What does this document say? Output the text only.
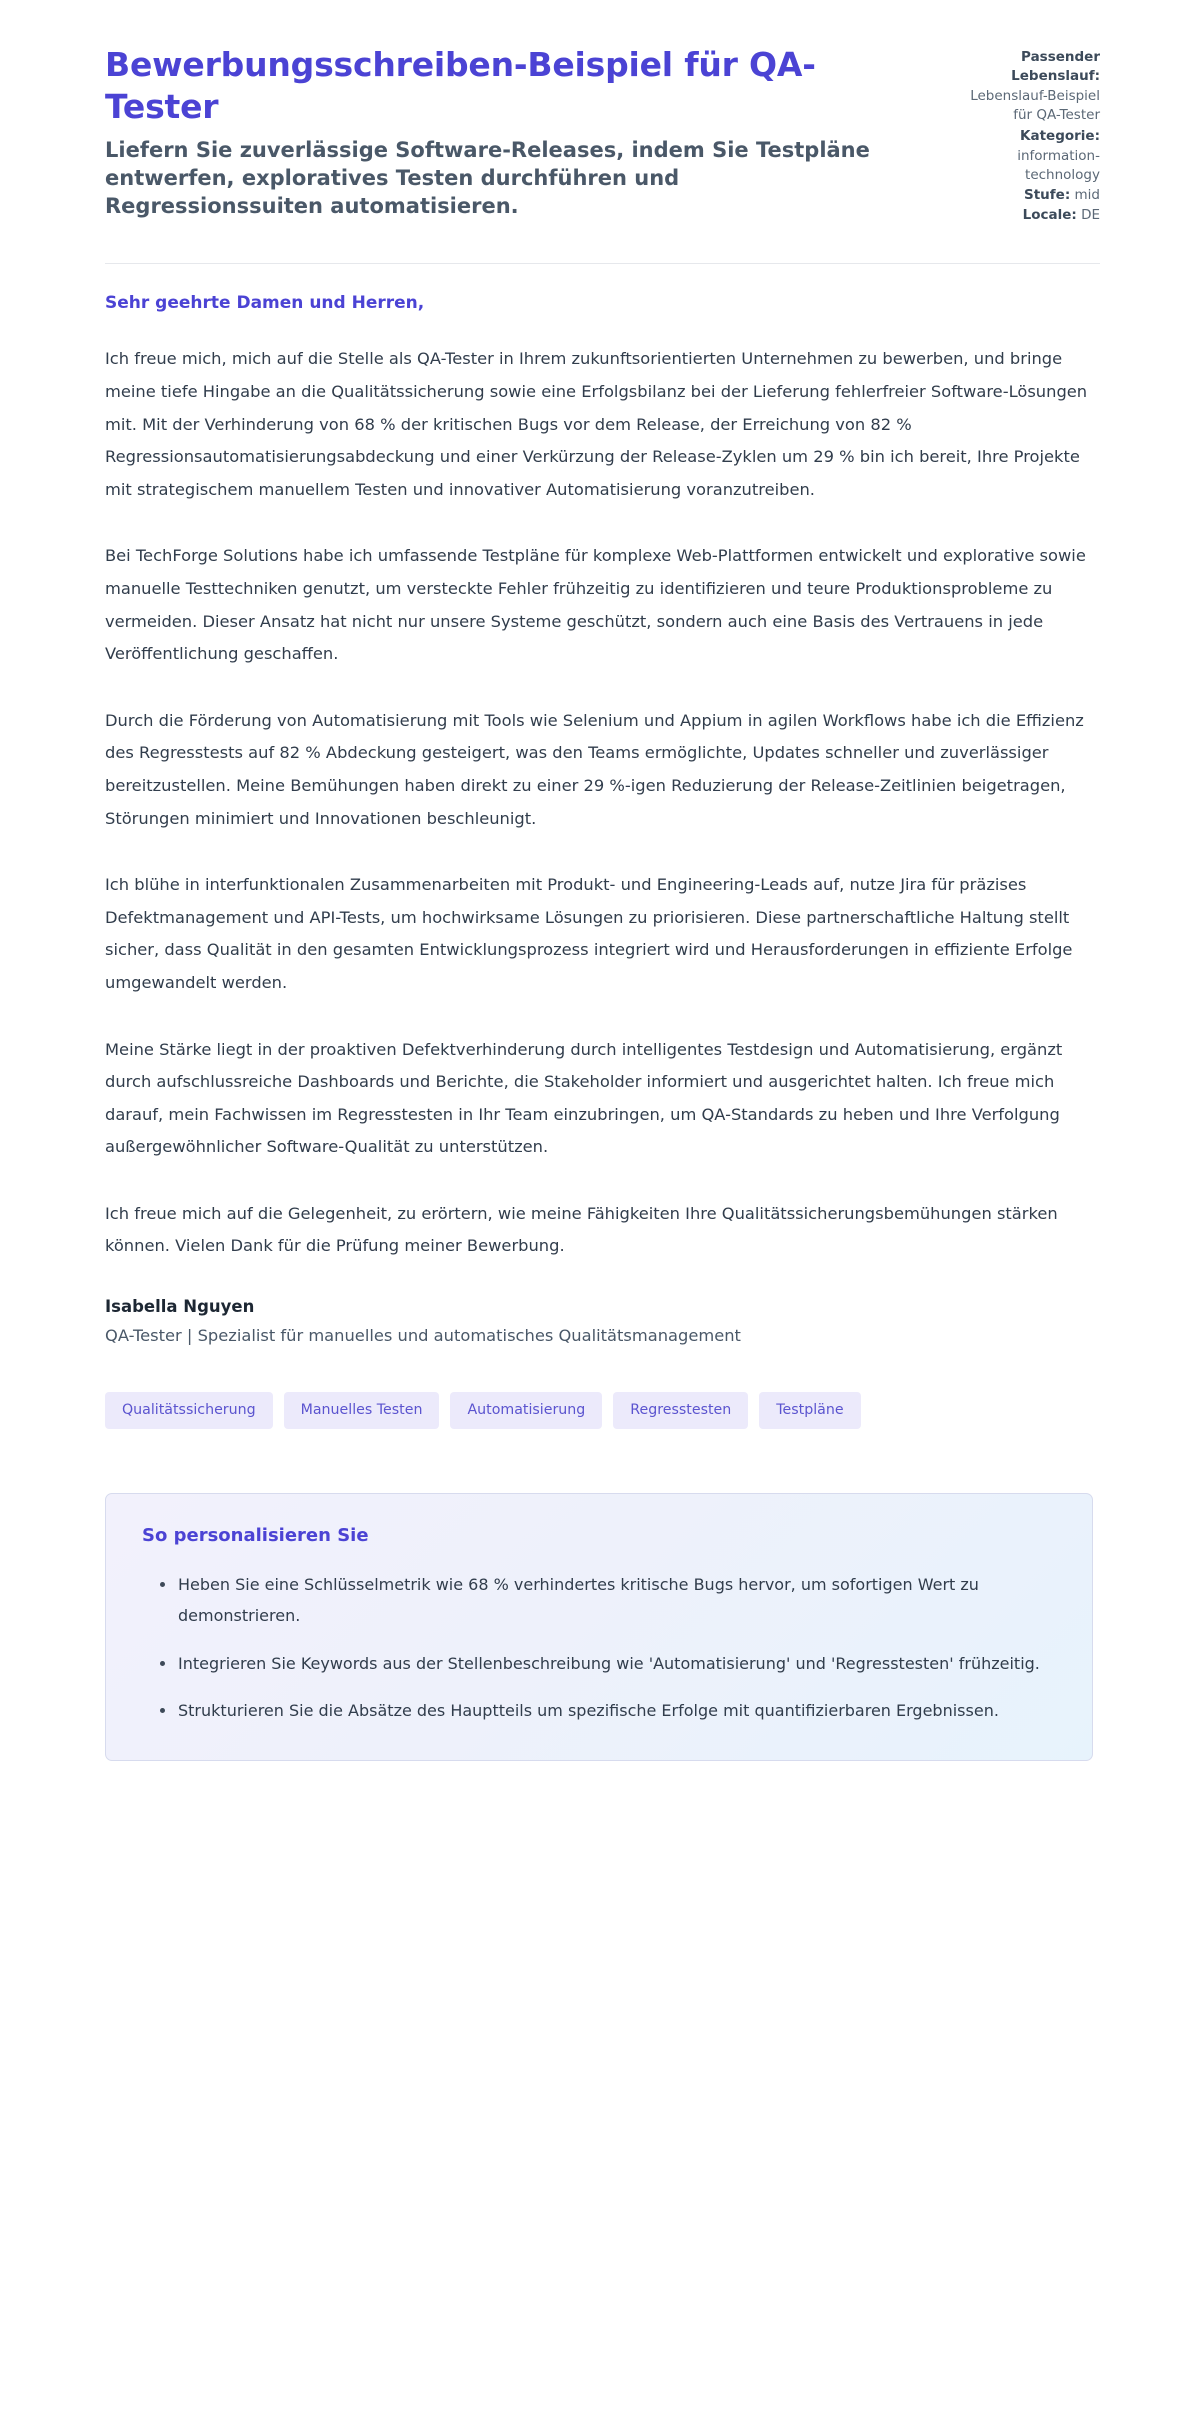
Bewerbungsschreiben-Beispiel für QA-Tester

Liefern Sie zuverlässige Software-Releases, indem Sie Testpläne entwerfen, exploratives Testen durchführen und Regressionssuiten automatisieren.

Passender Lebenslauf:
Lebenslauf-Beispiel für QA-Tester
Kategorie:
information-technology
Stufe: mid
Locale: DE

Sehr geehrte Damen und Herren,

Ich freue mich, mich auf die Stelle als QA-Tester in Ihrem zukunftsorientierten Unternehmen zu bewerben, und bringe meine tiefe Hingabe an die Qualitätssicherung sowie eine Erfolgsbilanz bei der Lieferung fehlerfreier Software-Lösungen mit. Mit der Verhinderung von 68 % der kritischen Bugs vor dem Release, der Erreichung von 82 % Regressionsautomatisierungsabdeckung und einer Verkürzung der Release-Zyklen um 29 % bin ich bereit, Ihre Projekte mit strategischem manuellem Testen und innovativer Automatisierung voranzutreiben.

Bei TechForge Solutions habe ich umfassende Testpläne für komplexe Web-Plattformen entwickelt und explorative sowie manuelle Testtechniken genutzt, um versteckte Fehler frühzeitig zu identifizieren und teure Produktionsprobleme zu vermeiden. Dieser Ansatz hat nicht nur unsere Systeme geschützt, sondern auch eine Basis des Vertrauens in jede Veröffentlichung geschaffen.

Durch die Förderung von Automatisierung mit Tools wie Selenium und Appium in agilen Workflows habe ich die Effizienz des Regresstests auf 82 % Abdeckung gesteigert, was den Teams ermöglichte, Updates schneller und zuverlässiger bereitzustellen. Meine Bemühungen haben direkt zu einer 29 %-igen Reduzierung der Release-Zeitlinien beigetragen, Störungen minimiert und Innovationen beschleunigt.

Ich blühe in interfunktionalen Zusammenarbeiten mit Produkt- und Engineering-Leads auf, nutze Jira für präzises Defektmanagement und API-Tests, um hochwirksame Lösungen zu priorisieren. Diese partnerschaftliche Haltung stellt sicher, dass Qualität in den gesamten Entwicklungsprozess integriert wird und Herausforderungen in effiziente Erfolge umgewandelt werden.

Meine Stärke liegt in der proaktiven Defektverhinderung durch intelligentes Testdesign und Automatisierung, ergänzt durch aufschlussreiche Dashboards und Berichte, die Stakeholder informiert und ausgerichtet halten. Ich freue mich darauf, mein Fachwissen im Regresstesten in Ihr Team einzubringen, um QA-Standards zu heben und Ihre Verfolgung außergewöhnlicher Software-Qualität zu unterstützen.

Ich freue mich auf die Gelegenheit, zu erörtern, wie meine Fähigkeiten Ihre Qualitätssicherungsbemühungen stärken können. Vielen Dank für die Prüfung meiner Bewerbung.

Isabella Nguyen

QA-Tester | Spezialist für manuelles und automatisches Qualitätsmanagement

Qualitätssicherung	Manuelles Testen	Automatisierung	Regresstesten	Testpläne
So personalisieren Sie
Heben Sie eine Schlüsselmetrik wie 68 % verhindertes kritische Bugs hervor, um sofortigen Wert zu demonstrieren.
Integrieren Sie Keywords aus der Stellenbeschreibung wie 'Automatisierung' und 'Regresstesten' frühzeitig.
Strukturieren Sie die Absätze des Hauptteils um spezifische Erfolge mit quantifizierbaren Ergebnissen.
